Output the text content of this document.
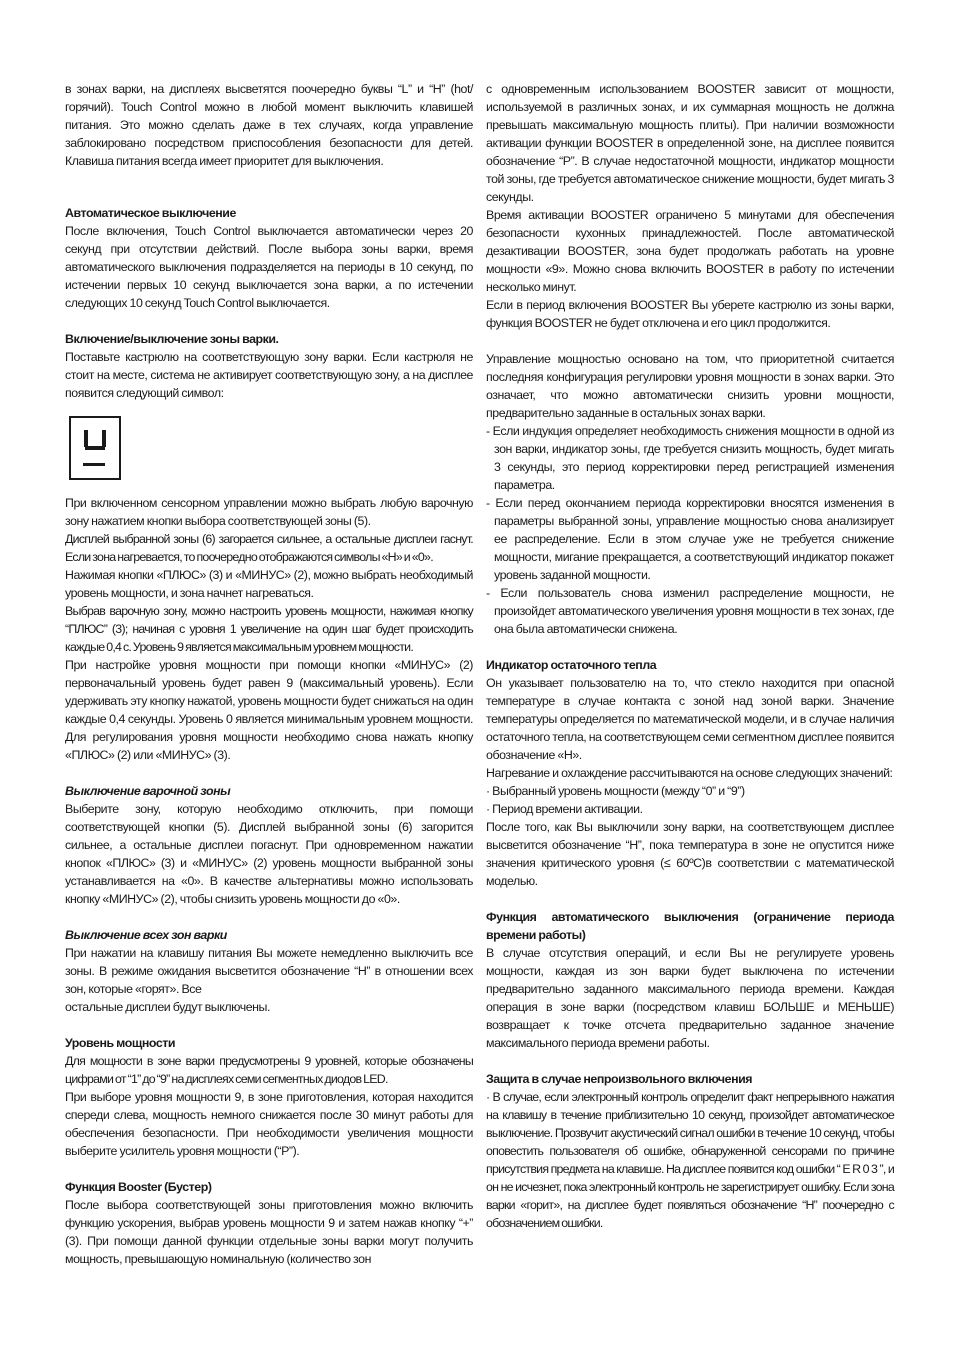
в зонах варки, на дисплеях высветятся поочередно буквы “L” и “H” (hot/горячий). Touch Control можно в любой момент выключить клавишей питания. Это можно сделать даже в тех случаях, когда управление заблокировано посредством приспособления безопасности для детей. Клавиша питания всегда имеет приоритет для выключения.

Автоматическое выключение

После включения, Touch Control выключается автоматически через 20 секунд при отсутствии действий. После выбора зоны варки, время автоматического выключения подразделяется на периоды в 10 секунд, по истечении первых 10 секунд выключается зона варки, а по истечении следующих 10 секунд Touch Control выключается.

Включение/выключение зоны варки.

Поставьте кастрюлю на соответствующую зону варки. Если кастрюля не стоит на месте, система не активирует соответствующую зону, а на дисплее появится следующий символ:

При включенном сенсорном управлении можно выбрать любую варочную зону нажатием кнопки выбора соответствующей зоны (5).

Дисплей выбранной зоны (6) загорается сильнее, а остальные дисплеи гаснут. Если зона нагревается, то поочередно отображаются символы «H» и «0».

Нажимая кнопки «ПЛЮС» (3) и «МИНУС» (2), можно выбрать необходимый уровень мощности, и зона начнет нагреваться.

Выбрав варочную зону, можно настроить уровень мощности, нажимая кнопку “ПЛЮС” (3); начиная с уровня 1 увеличение на один шаг будет происходить каждые 0,4 с. Уровень 9 является максимальным уровнем мощности.

При настройке уровня мощности при помощи кнопки «МИНУС» (2) первоначальный уровень будет равен 9 (максимальный уровень). Если удерживать эту кнопку нажатой, уровень мощности будет снижаться на один каждые 0,4 секунды. Уровень 0 является минимальным уровнем мощности. Для регулирования уровня мощности необходимо снова нажать кнопку «ПЛЮС» (2) или «МИНУС» (3).

Выключение варочной зоны

Выберите зону, которую необходимо отключить, при помощи соответствующей кнопки (5). Дисплей выбранной зоны (6) загорится сильнее, а остальные дисплеи погаснут. При одновременном нажатии кнопок «ПЛЮС» (3) и «МИНУС» (2) уровень мощности выбранной зоны устанавливается на «0». В качестве альтернативы можно использовать кнопку «МИНУС» (2), чтобы снизить уровень мощности до «0».

Выключение всех зон варки

При нажатии на клавишу питания Вы можете немедленно выключить все зоны. В режиме ожидания высветится обозначение “H” в отношении всех зон, которые «горят». Все

остальные дисплеи будут выключены.

Уровень мощности

Для мощности в зоне варки предусмотрены 9 уровней, которые обозначены цифрами от “1” до “9” на дисплеях семи сегментных диодов LED.

При выборе уровня мощности 9, в зоне приготовления, которая находится спереди слева, мощность немного снижается после 30 минут работы для обеспечения безопасности. При необходимости увеличения мощности выберите усилитель уровня мощности (“P”).

Функция Booster (Бустер)

После выбора соответствующей зоны приготовления можно включить функцию ускорения, выбрав уровень мощности 9 и затем нажав кнопку “+” (3). При помощи данной функции отдельные зоны варки могут получить мощность, превышающую номинальную (количество зон

с одновременным использованием BOOSTER зависит от мощности, используемой в различных зонах, и их суммарная мощность не должна превышать максимальную мощность плиты). При наличии возможности активации функции BOOSTER в определенной зоне, на дисплее появится обозначение “P”. В случае недостаточной мощности, индикатор мощности той зоны, где требуется автоматическое снижение мощности, будет мигать 3 секунды.

Время активации BOOSTER ограничено 5 минутами для обеспечения безопасности кухонных принадлежностей. После автоматической дезактивации BOOSTER, зона будет продолжать работать на уровне мощности «9». Можно снова включить BOOSTER в работу по истечении несколько минут.

Если в период включения BOOSTER Вы уберете кастрюлю из зоны варки, функция BOOSTER не будет отключена и его цикл продолжится.

Управление мощностью основано на том, что приоритетной считается последняя конфигурация регулировки уровня мощности в зонах варки. Это означает, что можно автоматически снизить уровни мощности, предварительно заданные в остальных зонах варки.

- Если индукция определяет необходимость снижения мощности в одной из зон варки, индикатор зоны, где требуется снизить мощность, будет мигать 3 секунды, это период корректировки перед регистрацией изменения параметра.
- Если перед окончанием периода корректировки вносятся изменения в параметры выбранной зоны, управление мощностью снова анализирует ее распределение. Если в этом случае уже не требуется снижение мощности, мигание прекращается, а соответствующий индикатор покажет уровень заданной мощности.
- Если пользователь снова изменил распределение мощности, не произойдет автоматического увеличения уровня мощности в тех зонах, где она была автоматически снижена.
Индикатор остаточного тепла

Он указывает пользователю на то, что стекло находится при опасной температуре в случае контакта с зоной над зоной варки. Значение температуры определяется по математической модели, и в случае наличия остаточного тепла, на соответствующем семи сегментном дисплее появится обозначение «H».

Нагревание и охлаждение рассчитываются на основе следующих значений:

· Выбранный уровень мощности (между “0” и “9”)

· Период времени активации.

После того, как Вы выключили зону варки, на соответствующем дисплее высветится обозначение “H”, пока температура в зоне не опустится ниже значения критического уровня (≤ 60ºC)в соответствии с математической моделью.

Функция автоматического выключения (ограничение периода времени работы)

В случае отсутствия операций, и если Вы не регулируете уровень мощности, каждая из зон варки будет выключена по истечении предварительно заданного максимального периода времени. Каждая операция в зоне варки (посредством клавиш БОЛЬШЕ и МЕНЬШЕ) возвращает к точке отсчета предварительно заданное значение максимального периода времени работы.

Защита в случае непроизвольного включения

· В случае, если электронный контроль определит факт непрерывного нажатия на клавишу в течение приблизительно 10 секунд, произойдет автоматическое выключение. Прозвучит акустический сигнал ошибки в течение 10 секунд, чтобы оповестить пользователя об ошибке, обнаруженной сенсорами по причине присутствия предмета на клавише. На дисплее появится код ошибки “ E R 0 3 ”, и он не исчезнет, пока электронный контроль не зарегистрирует ошибку. Если зона варки «горит», на дисплее будет появляться обозначение “H” поочередно с обозначением ошибки.
